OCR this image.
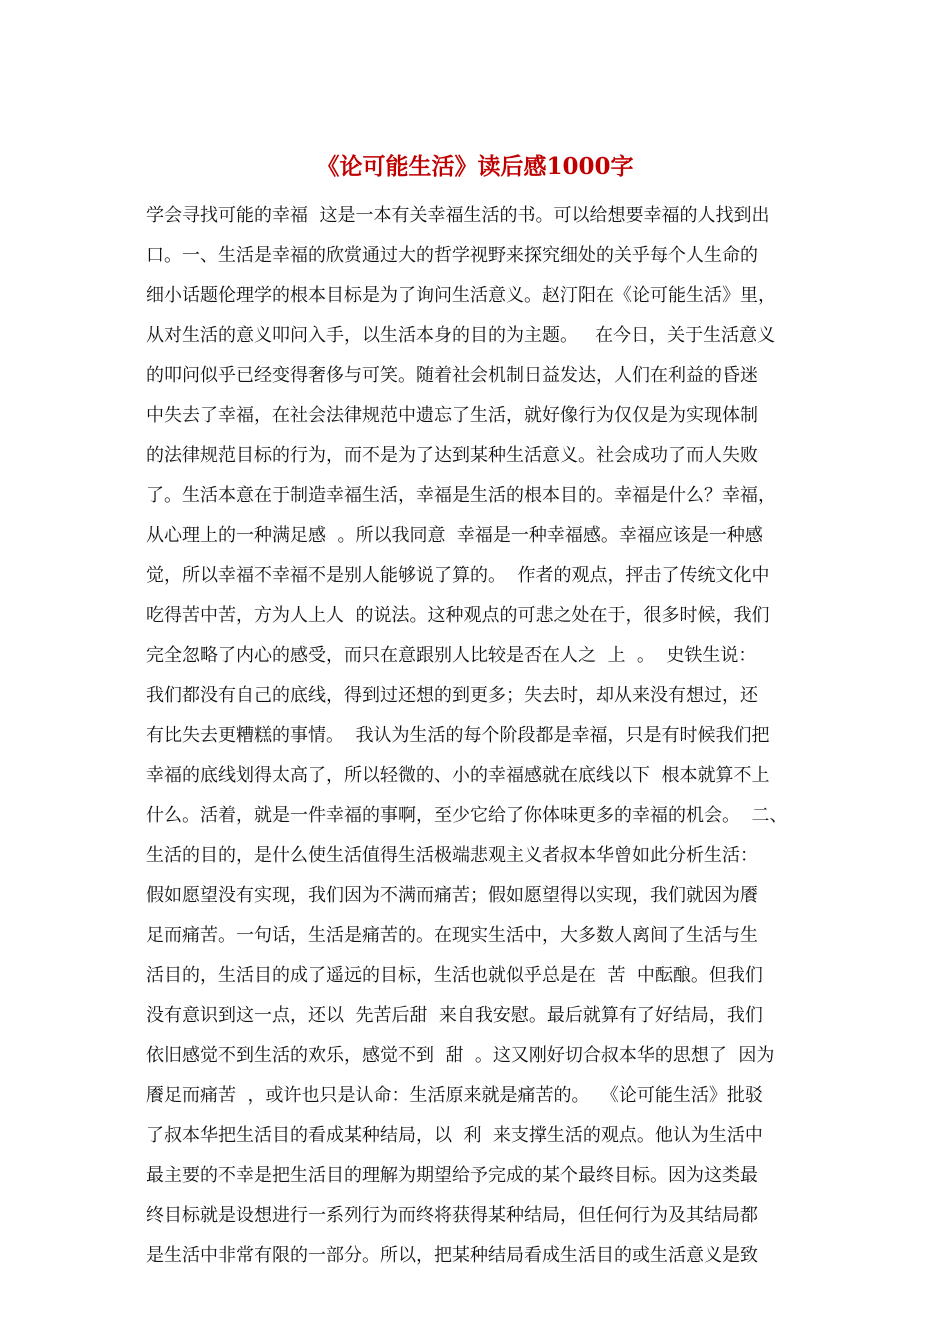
《论可能生活》读后感1000字
学会寻找可能的幸福  这是一本有关幸福生活的书。可以给想要幸福的人找到出
口。一、生活是幸福的欣赏通过大的哲学视野来探究细处的关乎每个人生命的
细小话题伦理学的根本目标是为了询问生活意义。赵汀阳在《论可能生活》里，
从对生活的意义叩问入手，以生活本身的目的为主题。   在今日，关于生活意义
的叩问似乎已经变得奢侈与可笑。随着社会机制日益发达，人们在利益的昏迷
中失去了幸福，在社会法律规范中遗忘了生活，就好像行为仅仅是为实现体制
的法律规范目标的行为，而不是为了达到某种生活意义。社会成功了而人失败
了。生活本意在于制造幸福生活，幸福是生活的根本目的。幸福是什么？幸福，
从心理上的一种满足感  。所以我同意  幸福是一种幸福感。幸福应该是一种感
觉，所以幸福不幸福不是别人能够说了算的。  作者的观点，抨击了传统文化中
吃得苦中苦，方为人上人  的说法。这种观点的可悲之处在于，很多时候，我们
完全忽略了内心的感受，而只在意跟别人比较是否在人之  上  。  史铁生说：
我们都没有自己的底线，得到过还想的到更多；失去时，却从来没有想过，还
有比失去更糟糕的事情。  我认为生活的每个阶段都是幸福，只是有时候我们把
幸福的底线划得太高了，所以轻微的、小的幸福感就在底线以下  根本就算不上
什么。活着，就是一件幸福的事啊，至少它给了你体味更多的幸福的机会。  二、
生活的目的，是什么使生活值得生活极端悲观主义者叔本华曾如此分析生活：
假如愿望没有实现，我们因为不满而痛苦；假如愿望得以实现，我们就因为餍
足而痛苦。一句话，生活是痛苦的。在现实生活中，大多数人离间了生活与生
活目的，生活目的成了遥远的目标，生活也就似乎总是在  苦  中酝酿。但我们
没有意识到这一点，还以  先苦后甜  来自我安慰。最后就算有了好结局，我们
依旧感觉不到生活的欢乐，感觉不到  甜  。这又刚好切合叔本华的思想了  因为
餍足而痛苦  ，或许也只是认命：生活原来就是痛苦的。  《论可能生活》批驳
了叔本华把生活目的看成某种结局，以  利  来支撑生活的观点。他认为生活中
最主要的不幸是把生活目的理解为期望给予完成的某个最终目标。因为这类最
终目标就是设想进行一系列行为而终将获得某种结局，但任何行为及其结局都
是生活中非常有限的一部分。所以，把某种结局看成生活目的或生活意义是致
